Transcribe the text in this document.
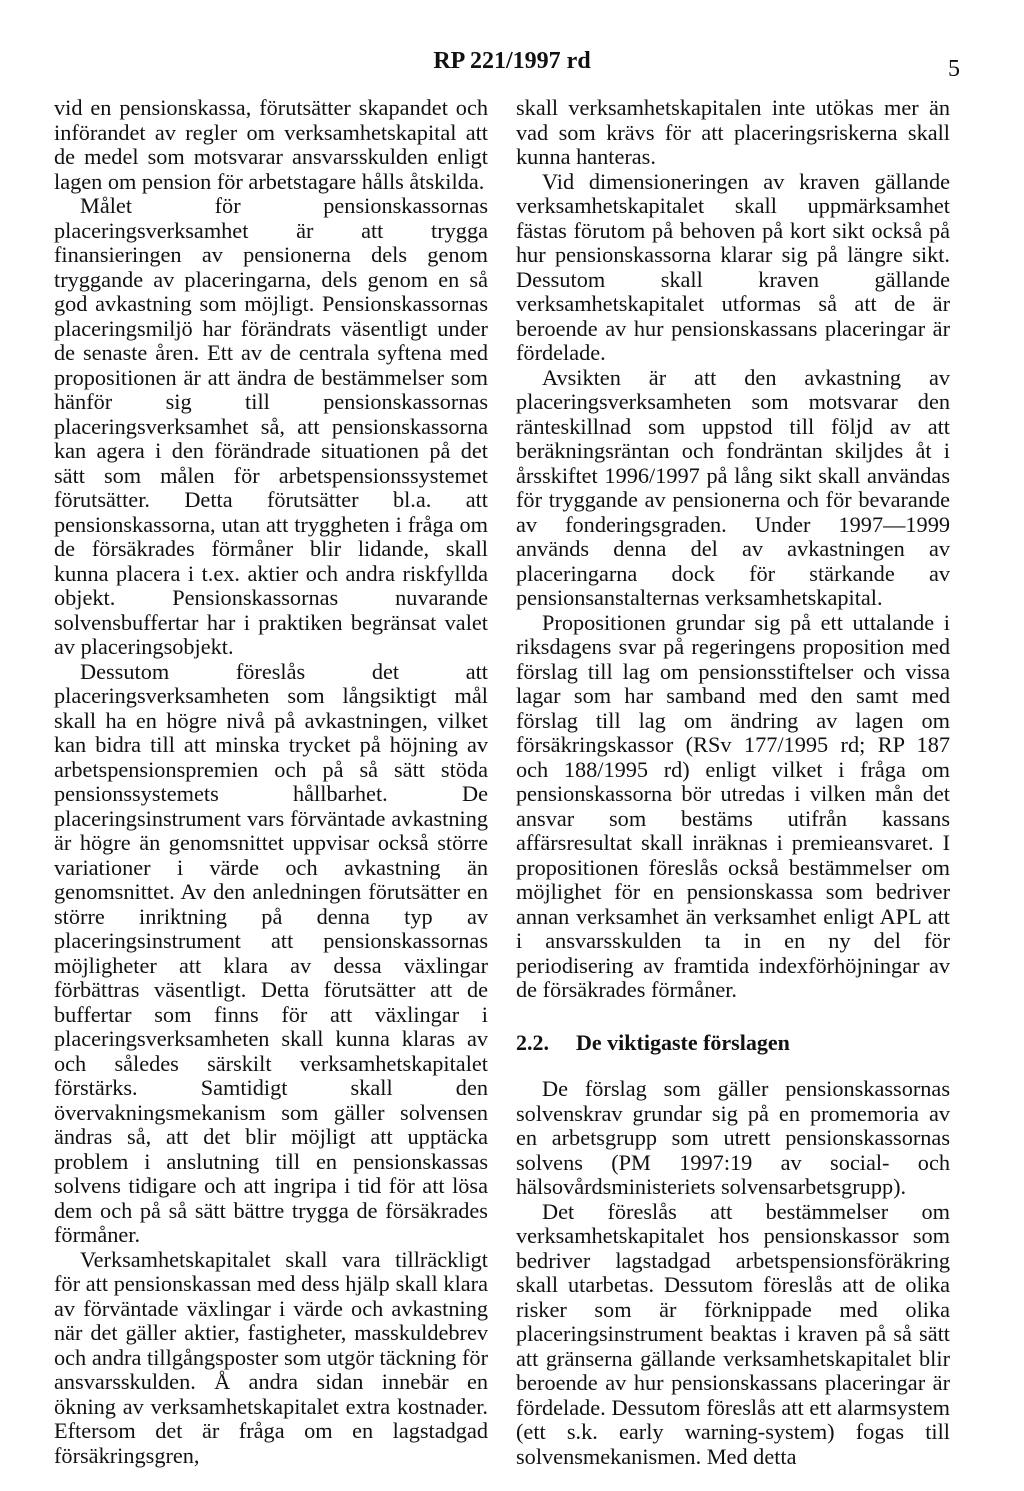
RP 221/1997 rd	5

vid en pensionskassa, förutsätter skapandet och införandet av regler om verksamhetskapital att de medel som motsvarar ansvarsskulden enligt lagen om pension för arbetstagare hålls åtskilda.

Målet för pensionskassornas placeringsverksamhet är att trygga finansieringen av pensionerna dels genom tryggande av placeringarna, dels genom en så god avkastning som möjligt. Pensionskassornas placeringsmiljö har förändrats väsentligt under de senaste åren. Ett av de centrala syftena med propositionen är att ändra de bestämmelser som hänför sig till pensionskassornas placeringsverksamhet så, att pensionskassorna kan agera i den förändrade situationen på det sätt som målen för arbetspensionssystemet förutsätter. Detta förutsätter bl.a. att pensionskassorna, utan att tryggheten i fråga om de försäkrades förmåner blir lidande, skall kunna placera i t.ex. aktier och andra riskfyllda objekt. Pensionskassornas nuvarande solvensbuffertar har i praktiken begränsat valet av placeringsobjekt.

Dessutom föreslås det att placeringsverksamheten som långsiktigt mål skall ha en högre nivå på avkastningen, vilket kan bidra till att minska trycket på höjning av arbetspensionspremien och på så sätt stöda pensionssystemets hållbarhet. De placeringsinstrument vars förväntade avkastning är högre än genomsnittet uppvisar också större variationer i värde och avkastning än genomsnittet. Av den anledningen förutsätter en större inriktning på denna typ av placeringsinstrument att pensionskassornas möjligheter att klara av dessa växlingar förbättras väsentligt. Detta förutsätter att de buffertar som finns för att växlingar i placeringsverksamheten skall kunna klaras av och således särskilt verksamhetskapitalet förstärks. Samtidigt skall den övervakningsmekanism som gäller solvensen ändras så, att det blir möjligt att upptäcka problem i anslutning till en pensionskassas solvens tidigare och att ingripa i tid för att lösa dem och på så sätt bättre trygga de försäkrades förmåner.

Verksamhetskapitalet skall vara tillräckligt för att pensionskassan med dess hjälp skall klara av förväntade växlingar i värde och avkastning när det gäller aktier, fastigheter, masskuldebrev och andra tillgångsposter som utgör täckning för ansvarsskulden. Å andra sidan innebär en ökning av verksamhetskapitalet extra kostnader. Eftersom det är fråga om en lagstadgad försäkringsgren,

skall verksamhetskapitalen inte utökas mer än vad som krävs för att placeringsriskerna skall kunna hanteras.

Vid dimensioneringen av kraven gällande verksamhetskapitalet skall uppmärksamhet fästas förutom på behoven på kort sikt också på hur pensionskassorna klarar sig på längre sikt. Dessutom skall kraven gällande verksamhetskapitalet utformas så att de är beroende av hur pensionskassans placeringar är fördelade.

Avsikten är att den avkastning av placeringsverksamheten som motsvarar den ränteskillnad som uppstod till följd av att beräkningsräntan och fondräntan skiljdes åt i årsskiftet 1996/1997 på lång sikt skall användas för tryggande av pensionerna och för bevarande av fonderingsgraden. Under 1997—1999 används denna del av avkastningen av placeringarna dock för stärkande av pensionsanstalternas verksamhetskapital.

Propositionen grundar sig på ett uttalande i riksdagens svar på regeringens proposition med förslag till lag om pensionsstiftelser och vissa lagar som har samband med den samt med förslag till lag om ändring av lagen om försäkringskassor (RSv 177/1995 rd; RP 187 och 188/1995 rd) enligt vilket i fråga om pensionskassorna bör utredas i vilken mån det ansvar som bestäms utifrån kassans affärsresultat skall inräknas i premieansvaret. I propositionen föreslås också bestämmelser om möjlighet för en pensionskassa som bedriver annan verksamhet än verksamhet enligt APL att i ansvarsskulden ta in en ny del för periodisering av framtida indexförhöjningar av de försäkrades förmåner.

2.2.	De viktigaste förslagen

De förslag som gäller pensionskassornas solvenskrav grundar sig på en promemoria av en arbetsgrupp som utrett pensionskassornas solvens (PM 1997:19 av social- och hälsovårdsministeriets solvensarbetsgrupp).

Det föreslås att bestämmelser om verksamhetskapitalet hos pensionskassor som bedriver lagstadgad arbetspensionsföräkring skall utarbetas. Dessutom föreslås att de olika risker som är förknippade med olika placeringsinstrument beaktas i kraven på så sätt att gränserna gällande verksamhetskapitalet blir beroende av hur pensionskassans placeringar är fördelade. Dessutom föreslås att ett alarmsystem (ett s.k. early warning-system) fogas till solvensmekanismen. Med detta
